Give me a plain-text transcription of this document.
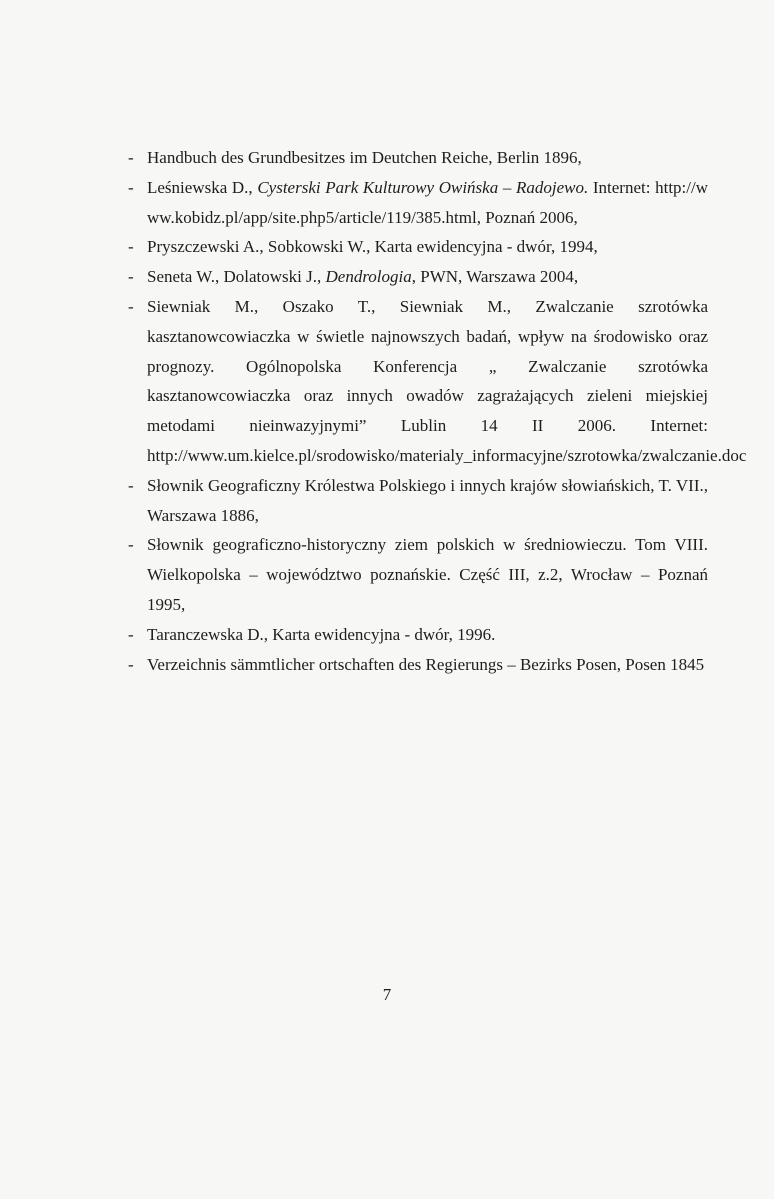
- Handbuch des Grundbesitzes im Deutchen Reiche, Berlin 1896,
- Leśniewska D., Cysterski Park Kulturowy Owińska – Radojewo. Internet: http://www.kobidz.pl/app/site.php5/article/119/385.html, Poznań 2006,
- Pryszczewski A., Sobkowski W., Karta ewidencyjna - dwór, 1994,
- Seneta W., Dolatowski J., Dendrologia, PWN, Warszawa 2004,
- Siewniak M., Oszako T., Siewniak M., Zwalczanie szrotówka kasztanowcowiaczka w świetle najnowszych badań, wpływ na środowisko oraz prognozy. Ogólnopolska Konferencja „ Zwalczanie szrotówka kasztanowcowiaczka oraz innych owadów zagrażających zieleni miejskiej metodami nieinwazyjnymi” Lublin 14 II 2006. Internet: http://www.um.kielce.pl/srodowisko/materialy_informacyjne/szrotowka/zwalczanie.doc
- Słownik Geograficzny Królestwa Polskiego i innych krajów słowiańskich, T. VII., Warszawa 1886,
- Słownik geograficzno-historyczny ziem polskich w średniowieczu. Tom VIII. Wielkopolska – województwo poznańskie. Część III, z.2, Wrocław – Poznań 1995,
- Taranczewska D., Karta ewidencyjna - dwór, 1996.
- Verzeichnis sämmtlicher ortschaften des Regierungs – Bezirks Posen, Posen 1845
7
